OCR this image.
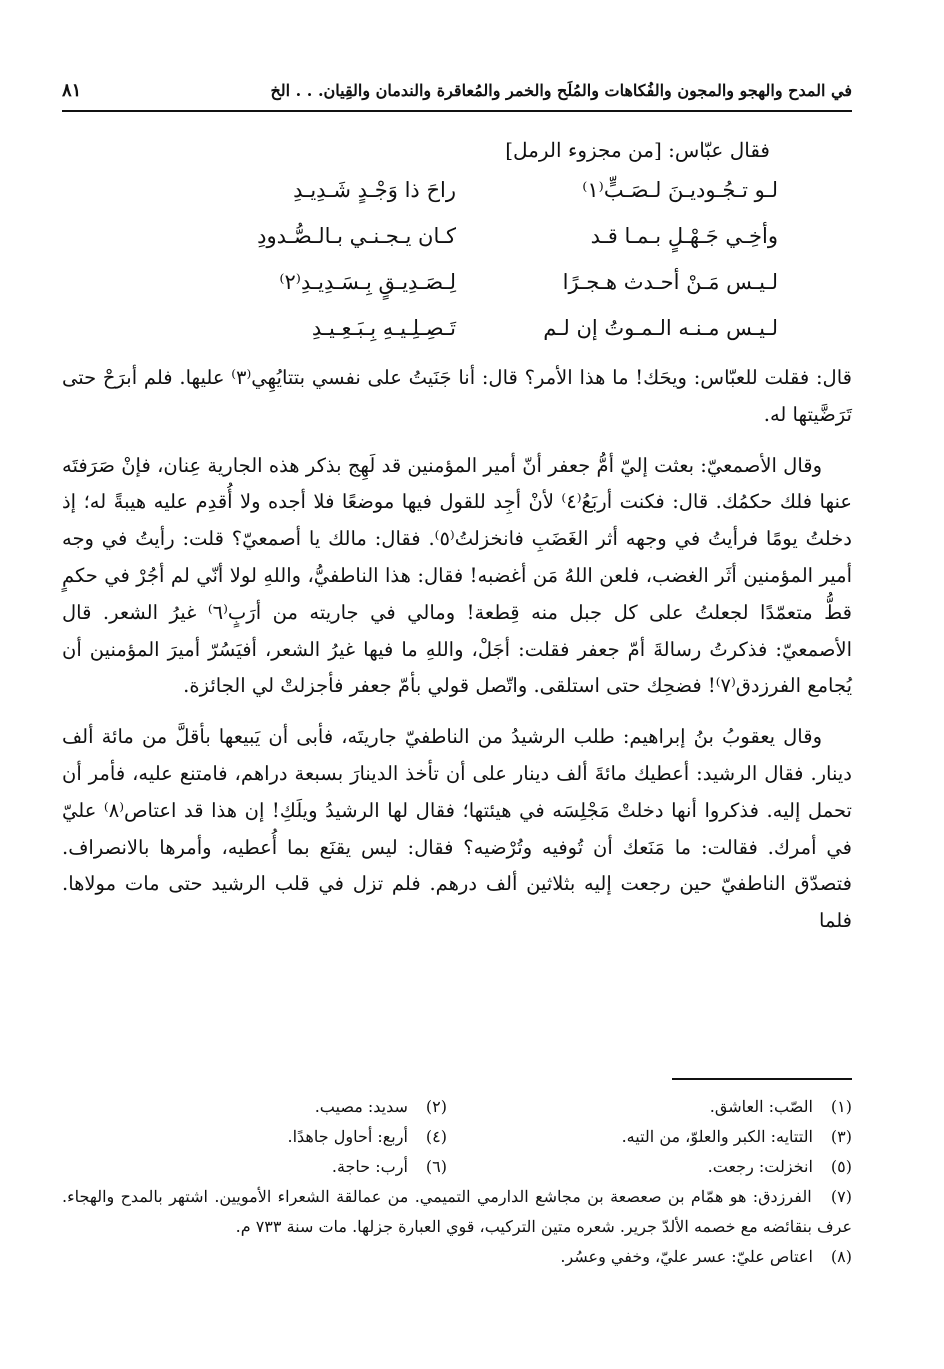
في المدح والهجو والمجون والفُكاهات والمُلَح والخمر والمُعاقرة والندمان والقِيان. . . الخ
٨١
فقال عبّاس: [من مجزوء الرمل]
لـو تـجُـوديـنَ لـصَـبٍّ⁽١⁾
راحَ ذا وَجْـدٍ شَـدِيـدِ
وأخِـي جَـهْـلٍ بـمـا قـد
كـان يـجـنـي بـالـصُّـدودِ
لـيـس مَـنْ أحـدث هـجـرًا
لِـصَـدِيـقٍ بِـسَـدِيـدِ⁽٢⁾
لـيـس مـنـه الـمـوتُ إن لـم
تَـصِـلِـيـهِ بِـبَـعِـيـدِ

قال: فقلت للعبّاس: ويحَك! ما هذا الأمر؟ قال: أنا جَنَيتُ على نفسي بتتايُهِي⁽٣⁾ عليها. فلم أبرَحْ حتى تَرَضَّيتها له.

وقال الأصمعيّ: بعثت إليّ أمُّ جعفر أنّ أمير المؤمنين قد لَهِج بذكر هذه الجارية عِنان، فإنْ صَرَفتَه عنها فلك حكمُك. قال: فكنت أربَعُ⁽٤⁾ لأنْ أجِد للقول فيها موضعًا فلا أجده ولا أُقدِم عليه هيبةً له؛ إذ دخلتُ يومًا فرأيتُ في وجهه أثر الغَضَبِ فانخزلتُ⁽٥⁾. فقال: مالك يا أصمعيّ؟ قلت: رأيتُ في وجه أمير المؤمنين أثَر الغضب، فلعن اللهُ مَن أغضبه! فقال: هذا الناطفيُّ، واللهِ لولا أنّي لم أجُرْ في حكمٍ قطُّ متعمّدًا لجعلتُ على كل جبل منه قِطعة! ومالي في جاريته من أرَبٍ⁽٦⁾ غيرُ الشعر. قال الأصمعيّ: فذكرتُ رسالةَ أمّ جعفر فقلت: أجَلْ، واللهِ ما فيها غيرُ الشعر، أفيَسُرّ أميرَ المؤمنين أن يُجامع الفرزدق⁽٧⁾! فضحِك حتى استلقى. واتّصل قولي بأمّ جعفر فأجزلتْ لي الجائزة.

وقال يعقوبُ بنُ إبراهيم: طلب الرشيدُ من الناطفيّ جاريتَه، فأبى أن يَبيعها بأقلَّ من مائة ألف دينار. فقال الرشيد: أعطيك مائةَ ألف دينار على أن تأخذ الدينارَ بسبعة دراهم، فامتنع عليه، فأمر أن تحمل إليه. فذكروا أنها دخلتْ مَجْلِسَه في هيئتها؛ فقال لها الرشيدُ ويلَكِ! إن هذا قد اعتاص⁽٨⁾ عليّ في أمرك. فقالت: ما مَنَعك أن تُوفيه وتُرْضيه؟ فقال: ليس يقنَع بما أُعطيه، وأمرها بالانصراف. فتصدّق الناطفيّ حين رجعت إليه بثلاثين ألف درهم. فلم تزل في قلب الرشيد حتى مات مولاها. فلما

(١) الصّب: العاشق.
(٢) سديد: مصيب.
(٣) التتايه: الكبر والعلوّ، من التيه.
(٤) أربع: أحاول جاهدًا.
(٥) انخزلت: رجعت.
(٦) أرب: حاجة.
(٧) الفرزدق: هو همّام بن صعصعة بن مجاشع الدارمي التميمي. من عمالقة الشعراء الأمويين. اشتهر بالمدح والهجاء. عرف بنقائضه مع خصمه الألدّ جرير. شعره متين التركيب، قوي العبارة جزلها. مات سنة ٧٣٣ م.
(٨) اعتاص عليّ: عسر عليّ، وخفي وعسُر.
